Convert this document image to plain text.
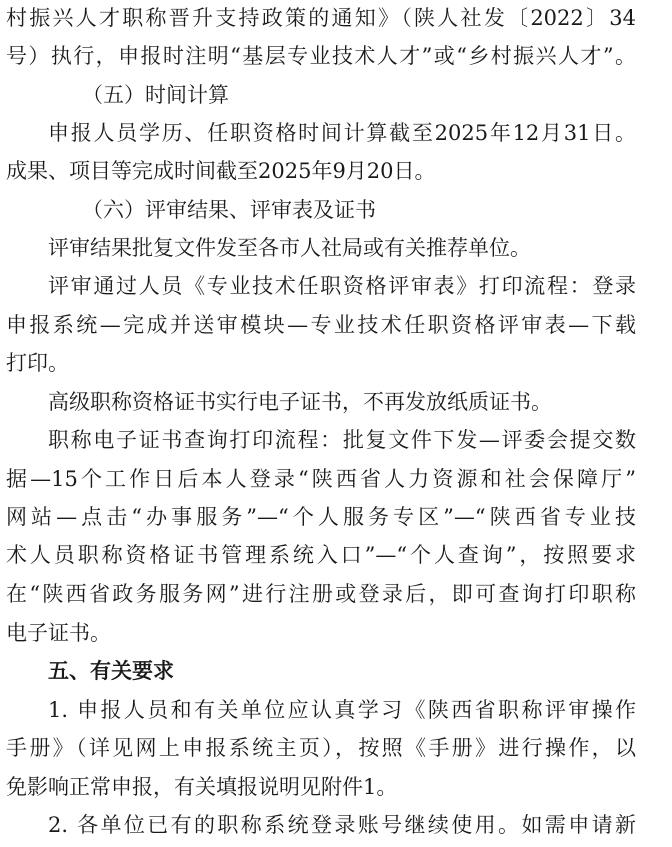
村振兴人才职称晋升支持政策的通知》（陕人社发〔2022〕34
号）执行，申报时注明“基层专业技术人才”或“乡村振兴人才”。
（五）时间计算
申报人员学历、任职资格时间计算截至2025年12月31日。
成果、项目等完成时间截至2025年9月20日。
（六）评审结果、评审表及证书
评审结果批复文件发至各市人社局或有关推荐单位。
评审通过人员《专业技术任职资格评审表》打印流程：登录
申报系统—完成并送审模块—专业技术任职资格评审表—下载
打印。
高级职称资格证书实行电子证书，不再发放纸质证书。
职称电子证书查询打印流程：批复文件下发—评委会提交数
据—15个工作日后本人登录“陕西省人力资源和社会保障厅”
网站—点击“办事服务”—“个人服务专区”—“陕西省专业技
术人员职称资格证书管理系统入口”—“个人查询”，按照要求
在“陕西省政务服务网”进行注册或登录后，即可查询打印职称
电子证书。
五、有关要求
1. 申报人员和有关单位应认真学习《陕西省职称评审操作
手册》（详见网上申报系统主页），按照《手册》进行操作，以
免影响正常申报，有关填报说明见附件1。
2. 各单位已有的职称系统登录账号继续使用。如需申请新
